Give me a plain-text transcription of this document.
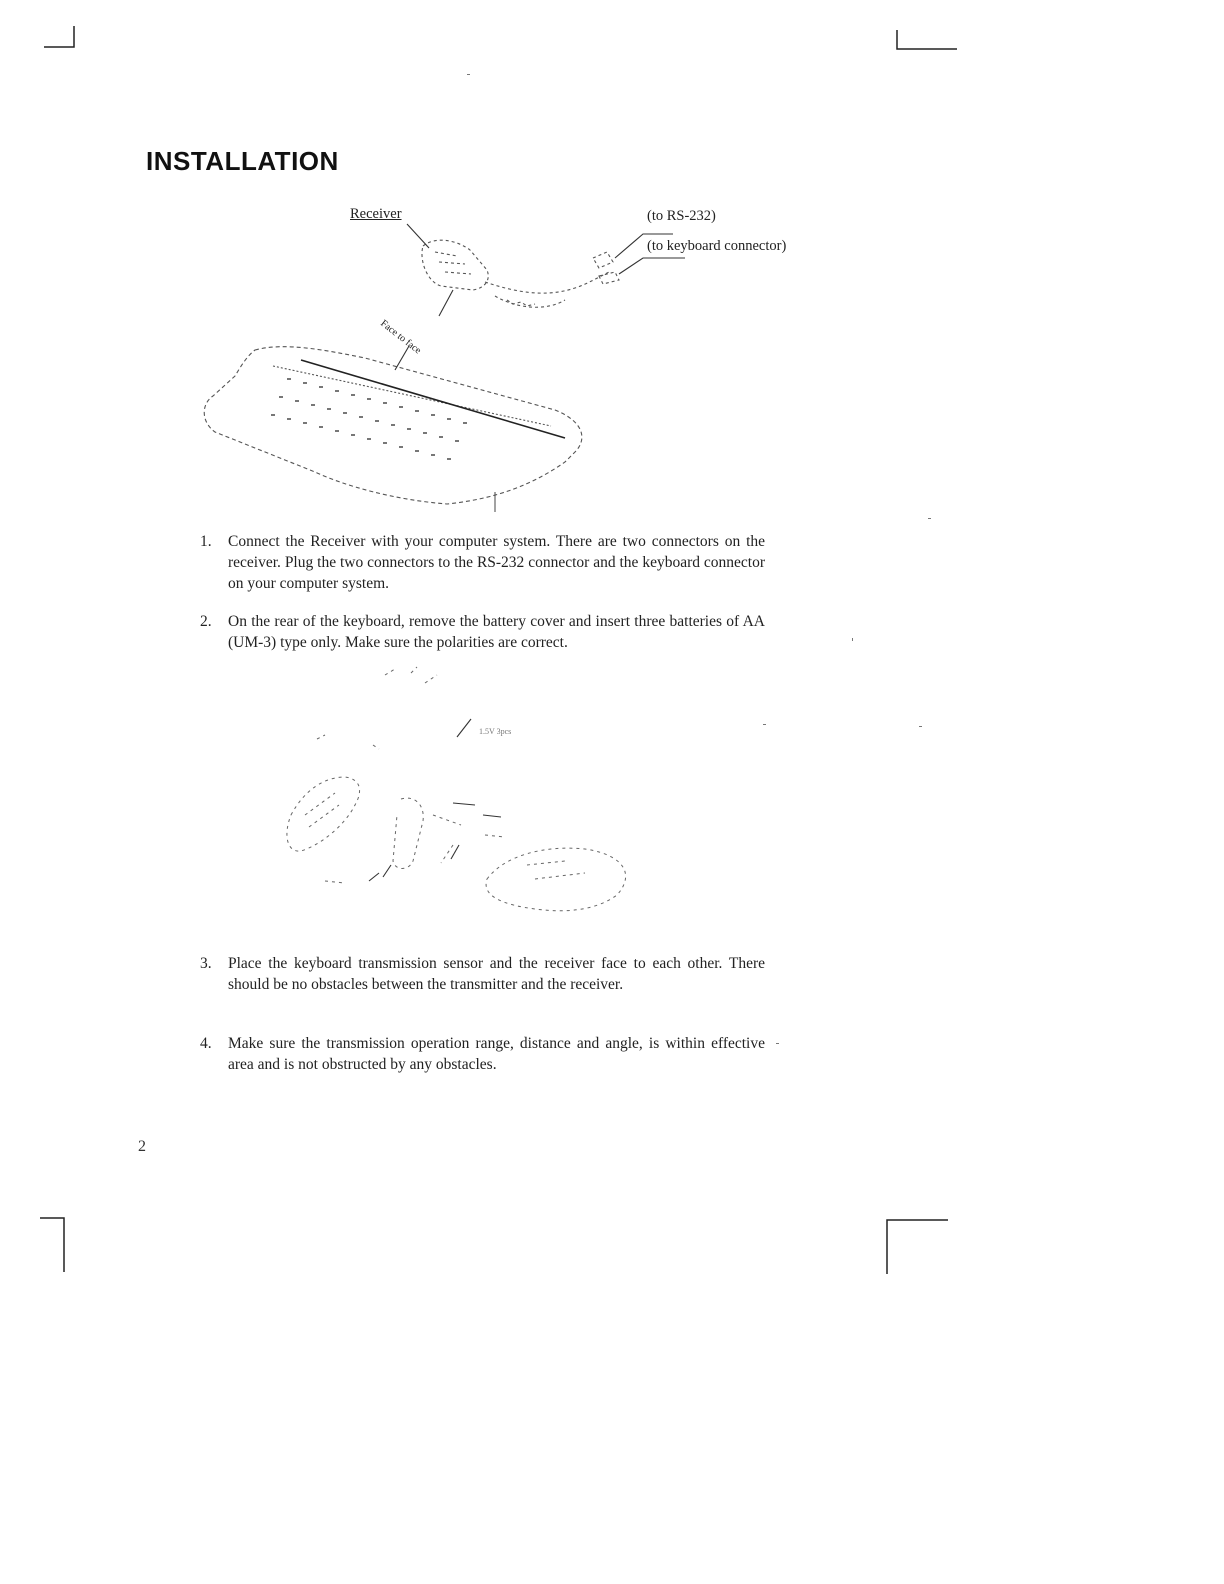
INSTALLATION
Receiver	(to RS-232)
(to keyboard connector)
Face to face
1. Connect the Receiver with your computer system. There are two connectors on the receiver. Plug the two connectors to the RS-232 connector and the keyboard connector on your computer system.
2. On the rear of the keyboard, remove the battery cover and insert three batteries of AA (UM-3) type only. Make sure the polarities are correct.
1.5V 3pcs
3. Place the keyboard transmission sensor and the receiver face to each other. There should be no obstacles between the transmitter and the receiver.
4. Make sure the transmission operation range, distance and angle, is within effective area and is not obstructed by any obstacles.
2
